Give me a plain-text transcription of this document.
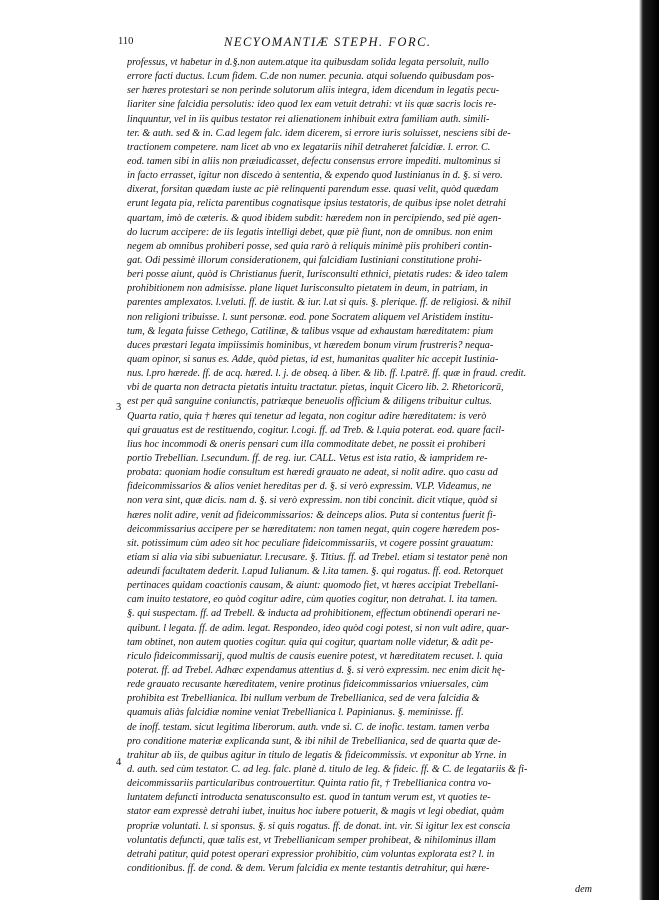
110	NECYOMANTIÆ STEPH. FORC.
professus, vt habetur in d.§.non autem.atque ita quibusdam solida legata persoluit, nullo
errore facti ductus. l.cum fidem. C.de non numer. pecunia. atqui soluendo quibusdam pos-
ser hæres protestari se non perinde solutorum aliis integra, idem dicendum in legatis pecu-
liariter sine falcidia persolutis: ideo quod lex eam vetuit detrahi: vt iis quæ sacris locis re-
linquuntur, vel in iis quibus testator rei alienationem inhibuit extra familiam auth. simili-
ter. & auth. sed & in. C.ad legem falc. idem dicerem, si errore iuris soluisset, nesciens sibi de-
tractionem competere. nam licet ab vno ex legatariis nihil detraheret falcidiæ. l. error. C.
eod. tamen sibi in aliis non præiudicasset, defectu consensus errore impediti. multominus si
in facto errasset, igitur non discedo à sententia, & expendo quod Iustinianus in d. §. si vero.
dixerat, forsitan quædam iuste ac piè relinquenti parendum esse. quasi velit, quòd quædam
erunt legata pia, relicta parentibus cognatisque ipsius testatoris, de quibus ipse nolet detrahi
quartam, imò de cæteris. & quod ibidem subdit: hæredem non in percipiendo, sed piè agen-
do lucrum accipere: de iis legatis intelligi debet, quæ piè fiunt, non de omnibus. non enim
negem ab omnibus prohiberi posse, sed quia rarò à reliquis minimè piis prohiberi contin-
gat. Odi pessimè illorum considerationem, qui falcidiam Iustiniani constitutione prohi-
beri posse aiunt, quòd is Christianus fuerit, Iurisconsulti ethnici, pietatis rudes: & ideo talem
prohibitionem non admisisse. plane liquet Iurisconsulto pietatem in deum, in patriam, in
parentes amplexatos. l.veluti. ff. de iustit. & iur. l.at si quis. §. plerique. ff. de religiosi. & nihil
non religioni tribuisse. l. sunt personæ. eod. pone Socratem aliquem vel Aristidem institu-
tum, & legata fuisse Cethego, Catilinæ, & talibus vsque ad exhaustam hæreditatem: pium
duces præstari legata impiissimis hominibus, vt hæredem bonum virum frustreris? nequa-
quam opinor, si sanus es. Adde, quòd pietas, id est, humanitas qualiter hic accepit Iustinia-
nus. l.pro hærede. ff. de acq. hæred. l. j. de obseq. à liber. & lib. ff. l.patrē. ff. quæ in fraud. credit.
vbi de quarta non detracta pietatis intuitu tractatur. pietas, inquit Cicero lib. 2. Rhetoricorū,
est per quã sanguine coniunctis, patriæque beneuolis officium & diligens tribuitur cultus.
Quarta ratio, quia † hæres qui tenetur ad legata, non cogitur adire hæreditatem: is verò
qui grauatus est de restituendo, cogitur. l.cogi. ff. ad Treb. & l.quia poterat. eod. quare facil-
lius hoc incommodi & oneris pensari cum illa commoditate debet, ne possit ei prohiberi
portio Trebellian. l.secundum. ff. de reg. iur. CALL. Vetus est ista ratio, & iampridem re-
probata: quoniam hodie consultum est hæredi grauato ne adeat, si nolit adire. quo casu ad
fideicommissarios & alios veniet hereditas per d. §. si verò expressim. VLP. Videamus, ne
non vera sint, quæ dicis. nam d. §. si verò expressim. non tibi concinit. dicit vtique, quòd si
hæres nolit adire, venit ad fideicommissarios: & deinceps alios. Puta si contentus fuerit fi-
deicommissarius accipere per se hæreditatem: non tamen negat, quin cogere hæredem pos-
sit. potissimum cùm adeo sit hoc peculiare fideicommissariis, vt cogere possint grauatum:
etiam si alia via sibi subueniatur. l.recusare. §. Titius. ff. ad Trebel. etiam si testator penè non
adeundi facultatem dederit. l.apud Iulianum. & l.ita tamen. §. qui rogatus. ff. eod. Retorquet
pertinaces quidam coactionis causam, & aiunt: quomodo fiet, vt hæres accipiat Trebellani-
cam inuito testatore, eo quòd cogitur adire, cùm quoties cogitur, non detrahat. l. ita tamen.
§. qui suspectam. ff. ad Trebell. & inducta ad prohibitionem, effectum obtinendi operari ne-
quibunt. l legata. ff. de adim. legat. Respondeo, ideo quòd cogi potest, si non vult adire, quar-
tam obtinet, non autem quoties cogitur. quia qui cogitur, quartam nolle videtur, & adit pe-
riculo fideicommissarij, quod multis de causis euenire potest, vt hæreditatem recuset. l. quia
poterat. ff. ad Trebel. Adhæc expendamus attentius d. §. si verò expressim. nec enim dicit hę-
rede grauato recusante hæreditatem, venire protinus fideicommissarios vniuersales, cùm
prohibita est Trebellianica. Ibi nullum verbum de Trebellianica, sed de vera falcidia &
quamuis aliàs falcidiæ nomine veniat Trebellianica l. Papinianus. §. meminisse. ff.
de inoff. testam. sicut legitima liberorum. auth. vnde si. C. de inofic. testam. tamen verba
pro conditione materiæ explicanda sunt, & ibi nihil de Trebellianica, sed de quarta quæ de-
trahitur ab iis, de quibus agitur in titulo de legatis & fideicommissis. vt exponitur ab Yrne. in
d. auth. sed cùm testator. C. ad leg. falc. planè d. titulo de leg. & fideic. ff. & C. de legatariis & fi-
deicommissariis particularibus controuertitur. Quinta ratio fit, † Trebellianica contra vo-
luntatem defuncti introducta senatusconsulto est. quod in tantum verum est, vt quoties te-
stator eam expressè detrahi iubet, inuitus hoc iubere potuerit, & magis vt legi obediat, quàm
propriæ voluntati. l. si sponsus. §. si quis rogatus. ff. de donat. int. vir. Si igitur lex est conscia
voluntatis defuncti, quæ talis est, vt Trebellianicam semper prohibeat, & nihilominus illam
detrahi patitur, quid potest operari expressior prohibitio, cùm voluntas explorata est? l. in
conditionibus. ff. de cond. & dem. Verum falcidia ex mente testantis detrahitur, qui hære-
3
4
dem
